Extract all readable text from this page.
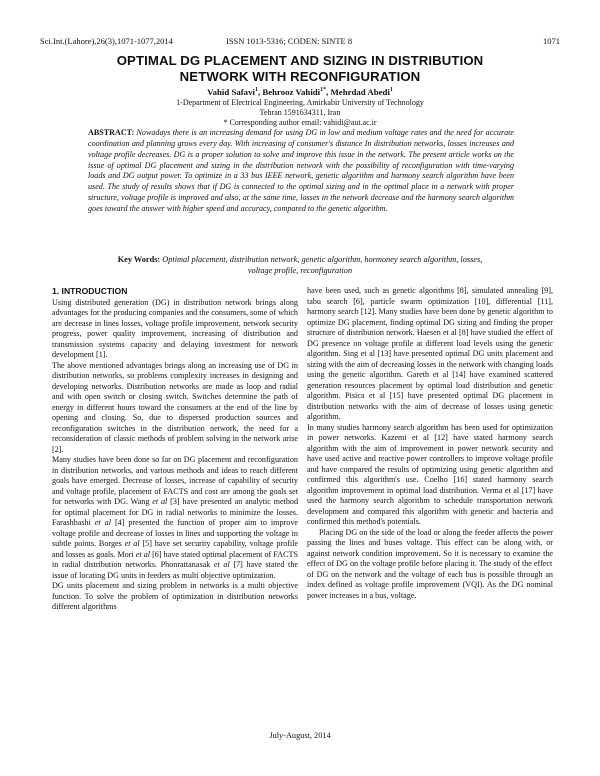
Sci.Int.(Lahore),26(3),1071-1077,2014	ISSN 1013-5316; CODEN: SINTE 8	1071
OPTIMAL DG PLACEMENT AND SIZING IN DISTRIBUTION
NETWORK WITH RECONFIGURATION
Vahid Safavi$^1$, Behrooz Vahidi$^{1*}$, Mehrdad Abedi$^1$
1-Department of Electrical Engineering, Amirkabir University of Technology
Tehran 1591634311, Iran
* Corresponding author email: vahidi@aut.ac.ir
ABSTRACT: Nowadays there is an increasing demand for using DG in low and medium voltage rates and the need for accurate coordination and planning grows every day. With increasing of consumer's distance In distribution networks, losses increases and voltage profile decreases. DG is a proper solution to solve and improve this issue in the network. The present article works on the issue of optimal DG placement and sizing in the distribution network with the possibility of reconfiguration with time-varying loads and DG output power. To optimize in a 33 bus IEEE network, genetic algorithm and harmony search algorithm have been used. The study of results shows that if DG is connected to the optimal sizing and in the optimal place in a network with proper structure, voltage profile is improved and also, at the same time, losses in the network decrease and the harmony search algorithm goes toward the answer with higher speed and accuracy, compared to the genetic algorithm.
Key Words: Optimal placement, distribution network, genetic algorithm, hormoney search algorithm, losses, voltage profile, reconfiguration
1. INTRODUCTION

Using distributed generation (DG) in distribution network brings along advantages for the producing companies and the consumers, some of which are decrease in lines losses, voltage profile improvement, network security progress, power quality improvement, increasing of distribution and transmission systems capacity and delaying investment for network development [1].

The above mentioned advantages brings along an increasing use of DG in distribution networks, so problems complexity increases in designing and developing networks. Distribution networks are made as loop and radial and with open switch or closing switch. Switches determine the path of energy in different hours toward the consumers at the end of the line by opening and closing. So, due to dispersed production sources and reconfiguration switches in the distribution network, the need for a reconsideration of classic methods of problem solving in the network arise [2].

Many studies have been done so far on DG placement and reconfiguration in distribution networks, and various methods and ideas to reach different goals have emerged. Decrease of losses, increase of capability of security and voltage profile, placement of FACTS and cost are among the goals set for networks with DG. Wang et al [3] have presented an analytic method for optimal placement for DG in radial networks to minimize the losses. Farashbashi et al [4] presented the function of proper aim to improve voltage profile and decrease of losses in lines and supporting the voltage in subtle points. Borges et al [5] have set security capability, voltage profile and losses as goals. Mori et al [6] have stated optimal placement of FACTS in radial distribution networks. Phonrattanasak et al [7] have stated the issue of locating DG units in feeders as multi objective optimization.

DG units placement and sizing problem in networks is a multi objective function. To solve the problem of optimization in distribution networks different algorithms

have been used, such as genetic algorithms [8], simulated annealing [9], tabu search [6], particle swarm optimization [10], differential [11], harmony search [12]. Many studies have been done by genetic algorithm to optimize DG placement, finding optimal DG sizing and finding the proper structure of distribution network. Haesen et al [8] have studied the effect of DG presence on voltage profile at different load levels using the genetic algorithm. Sing et al [13] have presented optimal DG units placement and sizing with the aim of decreasing losses in the network with changing loads using the genetic algorithm. Gareth et al [14] have examined scattered generation resources placement by optimal load distribution and genetic algorithm. Pisica et al [15] have presented optimal DG placement in distribution networks with the aim of decrease of losses using genetic algorithm.

In many studies harmony search algorithm has been used for optimization in power networks. Kazemi et al [12] have stated harmony search algorithm with the aim of improvement in power network security and have used active and reactive power controllers to improve voltage profile and have compared the results of optimizing using genetic algorithm and confirmed this algorithm's use. Coelho [16] stated harmony search algorithm improvement in optimal load distribution. Verma et al [17] have used the harmony search algorithm to schedule transportation network development and compared this algorithm with genetic and bacteria and confirmed this method's potentials.

Placing DG on the side of the load or along the feeder affects the power passing the lines and buses voltage. This effect can be along with, or against network condition improvement. So it is necessary to examine the effect of DG on the voltage profile before placing it. The study of the effect

of DG on the network and the voltage of each bus is possible through an index defined as voltage profile improvement (VQI). As the DG nominal power increases in a bus, voltage.

July-August, 2014
